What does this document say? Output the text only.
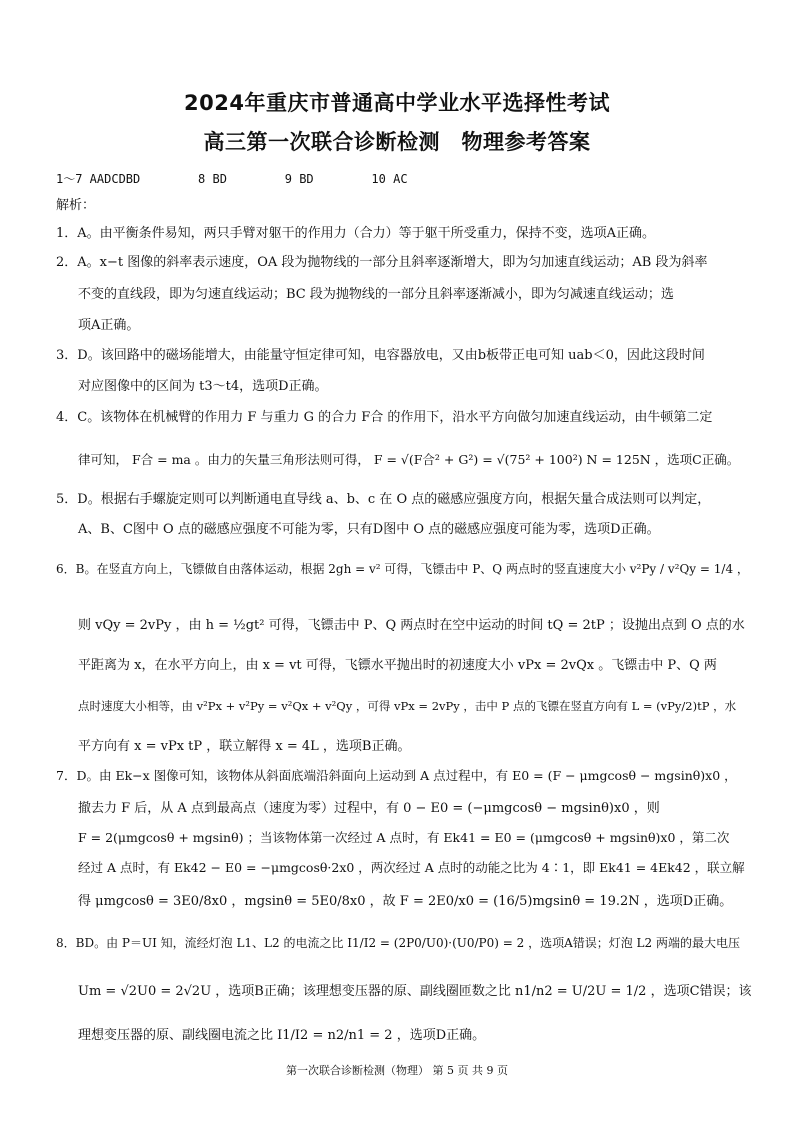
2024年重庆市普通高中学业水平选择性考试
高三第一次联合诊断检测　物理参考答案
1～7 AADCDBD        8 BD        9 BD        10 AC
解析：
1．A。由平衡条件易知，两只手臂对躯干的作用力（合力）等于躯干所受重力，保持不变，选项A正确。
2．A。x−t 图像的斜率表示速度，OA 段为抛物线的一部分且斜率逐渐增大，即为匀加速直线运动；AB 段为斜率
不变的直线段，即为匀速直线运动；BC 段为抛物线的一部分且斜率逐渐减小，即为匀减速直线运动；选
项A正确。
3．D。该回路中的磁场能增大，由能量守恒定律可知，电容器放电，又由b板带正电可知 uab＜0，因此这段时间
对应图像中的区间为 t3～t4，选项D正确。
4．C。该物体在机械臂的作用力 F 与重力 G 的合力 F合 的作用下，沿水平方向做匀加速直线运动，由牛顿第二定
律可知， F合 = ma 。由力的矢量三角形法则可得， F = √(F合² + G²) = √(75² + 100²) N = 125N ，选项C正确。
5．D。根据右手螺旋定则可以判断通电直导线 a、b、c 在 O 点的磁感应强度方向，根据矢量合成法则可以判定，
A、B、C图中 O 点的磁感应强度不可能为零，只有D图中 O 点的磁感应强度可能为零，选项D正确。
6．B。在竖直方向上，飞镖做自由落体运动，根据 2gh = v² 可得，飞镖击中 P、Q 两点时的竖直速度大小 v²Py / v²Qy = 1/4 ，
则 vQy = 2vPy ，由 h = ½gt² 可得，飞镖击中 P、Q 两点时在空中运动的时间 tQ = 2tP ；设抛出点到 O 点的水
平距离为 x，在水平方向上，由 x = vt 可得，飞镖水平抛出时的初速度大小 vPx = 2vQx 。飞镖击中 P、Q 两
点时速度大小相等，由 v²Px + v²Py = v²Qx + v²Qy ，可得 vPx = 2vPy ，击中 P 点的飞镖在竖直方向有 L = (vPy/2)tP ，水
平方向有 x = vPx tP ，联立解得 x = 4L ，选项B正确。
7．D。由 Ek−x 图像可知，该物体从斜面底端沿斜面向上运动到 A 点过程中，有 E0 = (F − μmgcosθ − mgsinθ)x0 ，
撤去力 F 后，从 A 点到最高点（速度为零）过程中，有 0 − E0 = (−μmgcosθ − mgsinθ)x0 ，则
F = 2(μmgcosθ + mgsinθ) ；当该物体第一次经过 A 点时，有 Ek41 = E0 = (μmgcosθ + mgsinθ)x0 ，第二次
经过 A 点时，有 Ek42 − E0 = −μmgcosθ·2x0 ，两次经过 A 点时的动能之比为 4∶1，即 Ek41 = 4Ek42 ，联立解
得 μmgcosθ = 3E0/8x0 ，mgsinθ = 5E0/8x0 ，故 F = 2E0/x0 = (16/5)mgsinθ = 19.2N ，选项D正确。
8．BD。由 P＝UI 知，流经灯泡 L1、L2 的电流之比 I1/I2 = (2P0/U0)·(U0/P0) = 2 ，选项A错误；灯泡 L2 两端的最大电压
Um = √2U0 = 2√2U ，选项B正确；该理想变压器的原、副线圈匝数之比 n1/n2 = U/2U = 1/2 ，选项C错误；该
理想变压器的原、副线圈电流之比 I1/I2 = n2/n1 = 2 ，选项D正确。
第一次联合诊断检测（物理） 第 5 页 共 9 页
